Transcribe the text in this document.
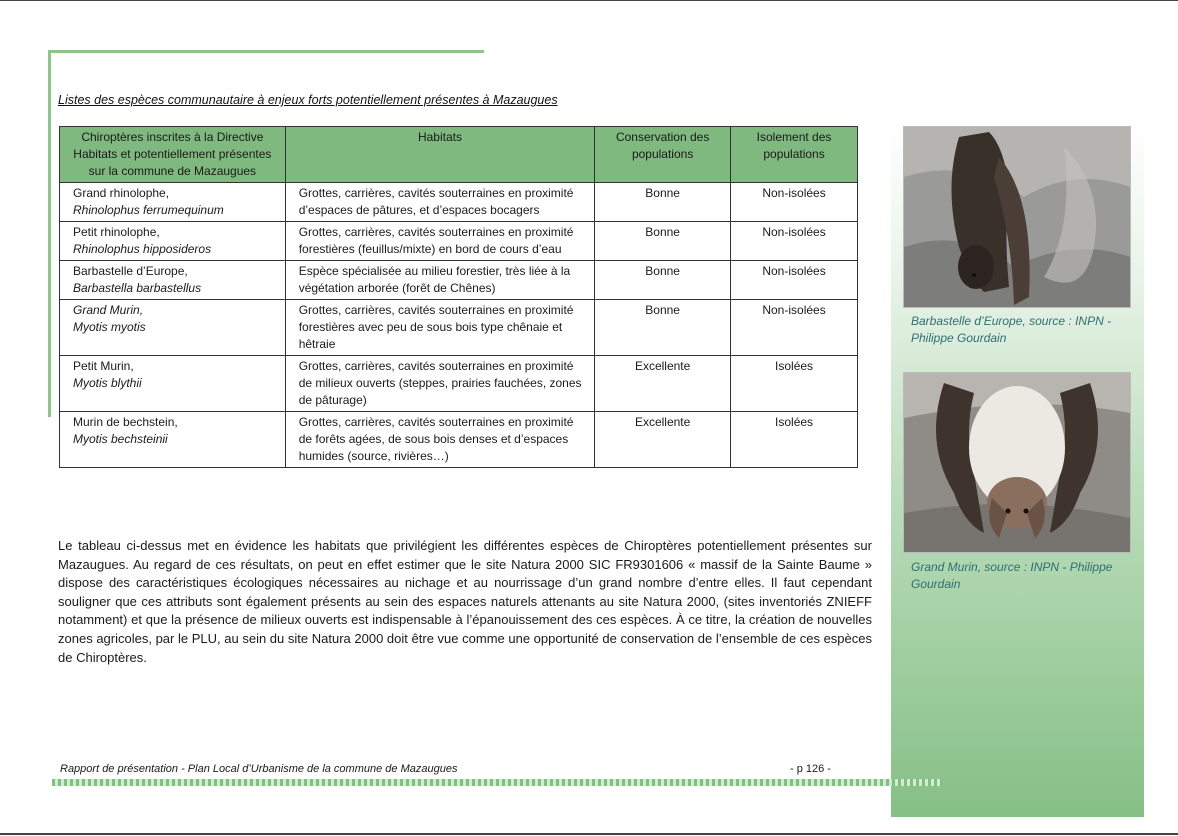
Barbastelle d’Europe, source : INPN - Philippe Gourdain
Grand Murin, source : INPN - Philippe Gourdain
Listes des espèces communautaire à enjeux forts potentiellement présentes à Mazaugues
Chiroptères inscrites à la Directive Habitats et potentiellement présentes sur la commune de Mazaugues	Habitats	Conservation des populations	Isolement des populations
Grand rhinolophe,
Rhinolophus ferrumequinum	Grottes, carrières, cavités souterraines en proximité d’espaces de pâtures, et d’espaces bocagers	Bonne	Non-isolées
Petit rhinolophe,
Rhinolophus hipposideros	Grottes, carrières, cavités souterraines en proximité forestières (feuillus/mixte) en bord de cours d’eau	Bonne	Non-isolées
Barbastelle d’Europe,
Barbastella barbastellus	Espèce spécialisée au milieu forestier, très liée à la végétation arborée (forêt de Chênes)	Bonne	Non-isolées
Grand Murin,
Myotis myotis	Grottes, carrières, cavités souterraines en proximité forestières avec peu de sous bois type chênaie et hêtraie	Bonne	Non-isolées
Petit Murin,
Myotis blythii	Grottes, carrières, cavités souterraines en proximité de milieux ouverts (steppes, prairies fauchées, zones de pâturage)	Excellente	Isolées
Murin de bechstein,
Myotis bechsteinii	Grottes, carrières, cavités souterraines en proximité de forêts agées, de sous bois denses et d’espaces humides (source, rivières…)	Excellente	Isolées

Le tableau ci-dessus met en évidence les habitats que privilégient les différentes espèces de Chiroptères potentiellement présentes sur Mazaugues. Au regard de ces résultats, on peut en effet estimer que le site Natura 2000 SIC FR9301606 « massif de la Sainte Baume » dispose des caractéristiques écologiques nécessaires au nichage et au nourrissage d’un grand nombre d’entre elles. Il faut cependant souligner que ces attributs sont également présents au sein des espaces naturels attenants au site Natura 2000, (sites inventoriés ZNIEFF notamment) et que la présence de milieux ouverts est indispensable à l’épanouissement des ces espèces. À ce titre, la création de nouvelles zones agricoles, par le PLU, au sein du site Natura 2000 doit être vue comme une opportunité de conservation de l’ensemble de ces espèces de Chiroptères.

Rapport de présentation - Plan Local d’Urbanisme de la commune de Mazaugues	- p 126 -
